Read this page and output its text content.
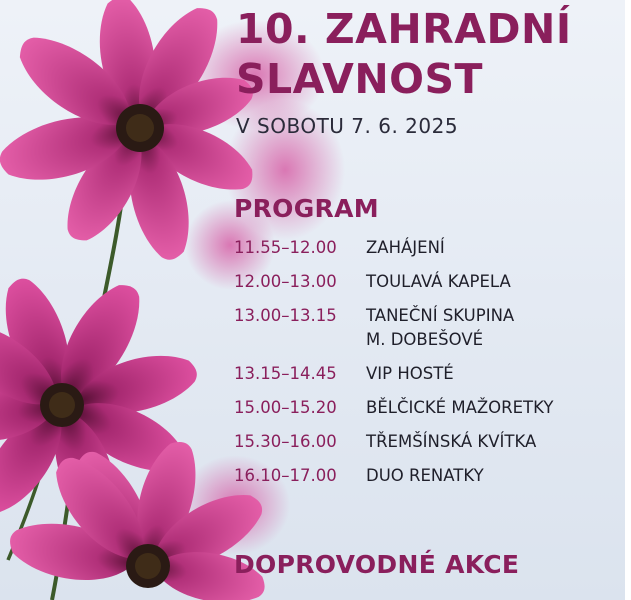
10. ZAHRADNÍ
SLAVNOST
V SOBOTU 7. 6. 2025
PROGRAM
11.55–12.00	ZAHÁJENÍ
12.00–13.00	TOULAVÁ KAPELA
13.00–13.15	TANEČNÍ SKUPINA
M. DOBEŠOVÉ
13.15–14.45	VIP HOSTÉ
15.00–15.20	BĚLČICKÉ MAŽORETKY
15.30–16.00	TŘEMŠÍNSKÁ KVÍTKA
16.10–17.00	DUO RENATKY
DOPROVODNÉ AKCE
